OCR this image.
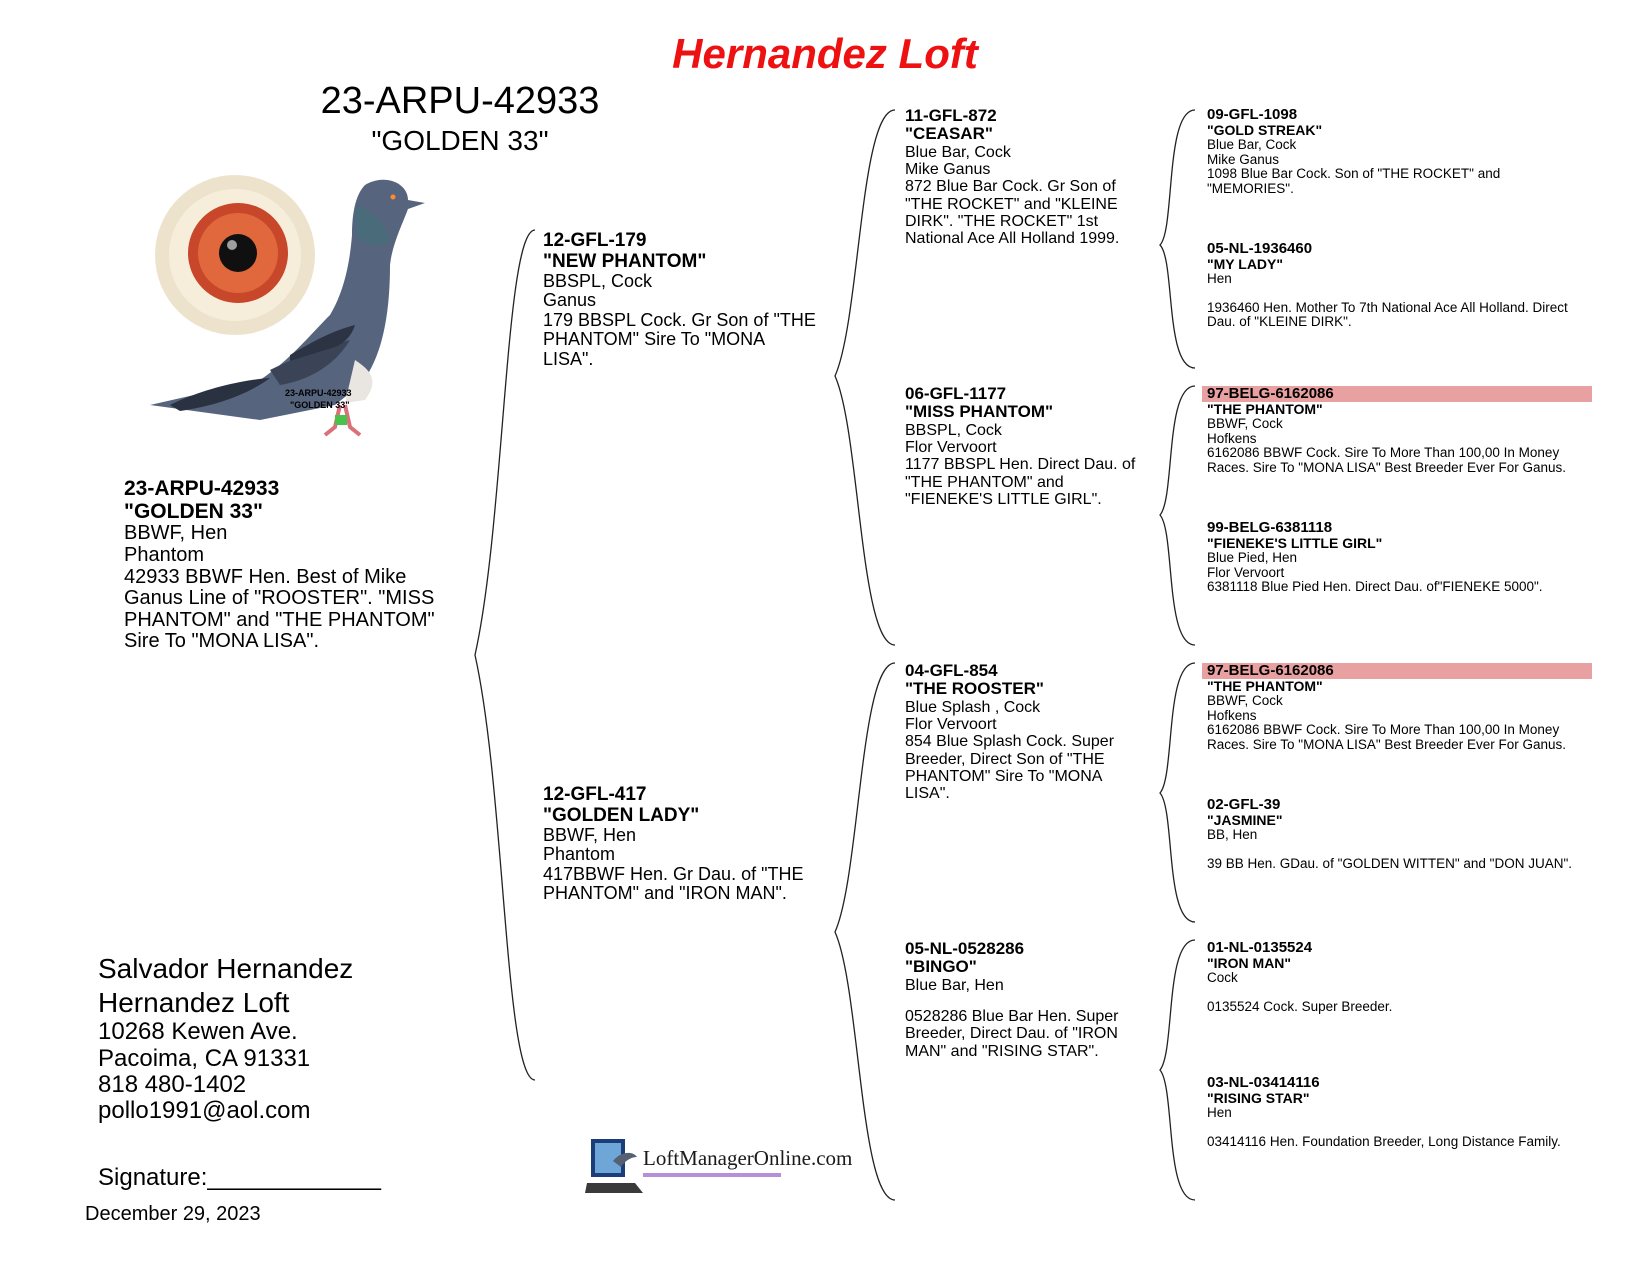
Hernandez Loft
23-ARPU-42933
"GOLDEN 33"
23-ARPU-42933
"GOLDEN 33"
23-ARPU-42933
"GOLDEN 33"
BBWF, Hen
Phantom
42933 BBWF Hen. Best of Mike Ganus Line of "ROOSTER". "MISS PHANTOM" and "THE PHANTOM" Sire To "MONA LISA".
12-GFL-179
"NEW PHANTOM"
BBSPL, Cock
Ganus
179 BBSPL Cock. Gr Son of "THE PHANTOM" Sire To "MONA LISA".
12-GFL-417
"GOLDEN LADY"
BBWF, Hen
Phantom
417BBWF Hen. Gr Dau. of "THE PHANTOM" and "IRON MAN".
11-GFL-872
"CEASAR"
Blue Bar, Cock
Mike Ganus
872 Blue Bar Cock. Gr Son of "THE ROCKET" and "KLEINE DIRK". "THE ROCKET" 1st National Ace All Holland 1999.
06-GFL-1177
"MISS PHANTOM"
BBSPL, Cock
Flor Vervoort
1177 BBSPL Hen. Direct Dau. of "THE PHANTOM" and "FIENEKE'S LITTLE GIRL".
04-GFL-854
"THE ROOSTER"
Blue Splash , Cock
Flor Vervoort
854 Blue Splash Cock. Super Breeder, Direct Son of "THE PHANTOM" Sire To "MONA LISA".
05-NL-0528286
"BINGO"
Blue Bar, Hen
0528286 Blue Bar Hen. Super Breeder, Direct Dau. of "IRON MAN" and "RISING STAR".
09-GFL-1098
"GOLD STREAK"
Blue Bar, Cock
Mike Ganus
1098 Blue Bar Cock. Son of "THE ROCKET" and "MEMORIES".
05-NL-1936460
"MY LADY"
Hen
1936460 Hen. Mother To 7th National Ace All Holland. Direct Dau. of "KLEINE DIRK".
97-BELG-6162086
"THE PHANTOM"
BBWF, Cock
Hofkens
6162086 BBWF Cock. Sire To More Than 100,00 In Money Races. Sire To "MONA LISA" Best Breeder Ever For Ganus.
99-BELG-6381118
"FIENEKE'S LITTLE GIRL"
Blue Pied, Hen
Flor Vervoort
6381118 Blue Pied Hen. Direct Dau. of"FIENEKE 5000".
97-BELG-6162086
"THE PHANTOM"
BBWF, Cock
Hofkens
6162086 BBWF Cock. Sire To More Than 100,00 In Money Races. Sire To "MONA LISA" Best Breeder Ever For Ganus.
02-GFL-39
"JASMINE"
BB, Hen
39 BB Hen. GDau. of "GOLDEN WITTEN" and "DON JUAN".
01-NL-0135524
"IRON MAN"
Cock
0135524 Cock. Super Breeder.
03-NL-03414116
"RISING STAR"
Hen
03414116 Hen. Foundation Breeder, Long Distance Family.
Salvador Hernandez
Hernandez Loft
10268 Kewen Ave.
Pacoima, CA 91331
818 480-1402
pollo1991@aol.com
Signature:_____________
December 29, 2023
LoftManagerOnline.com
